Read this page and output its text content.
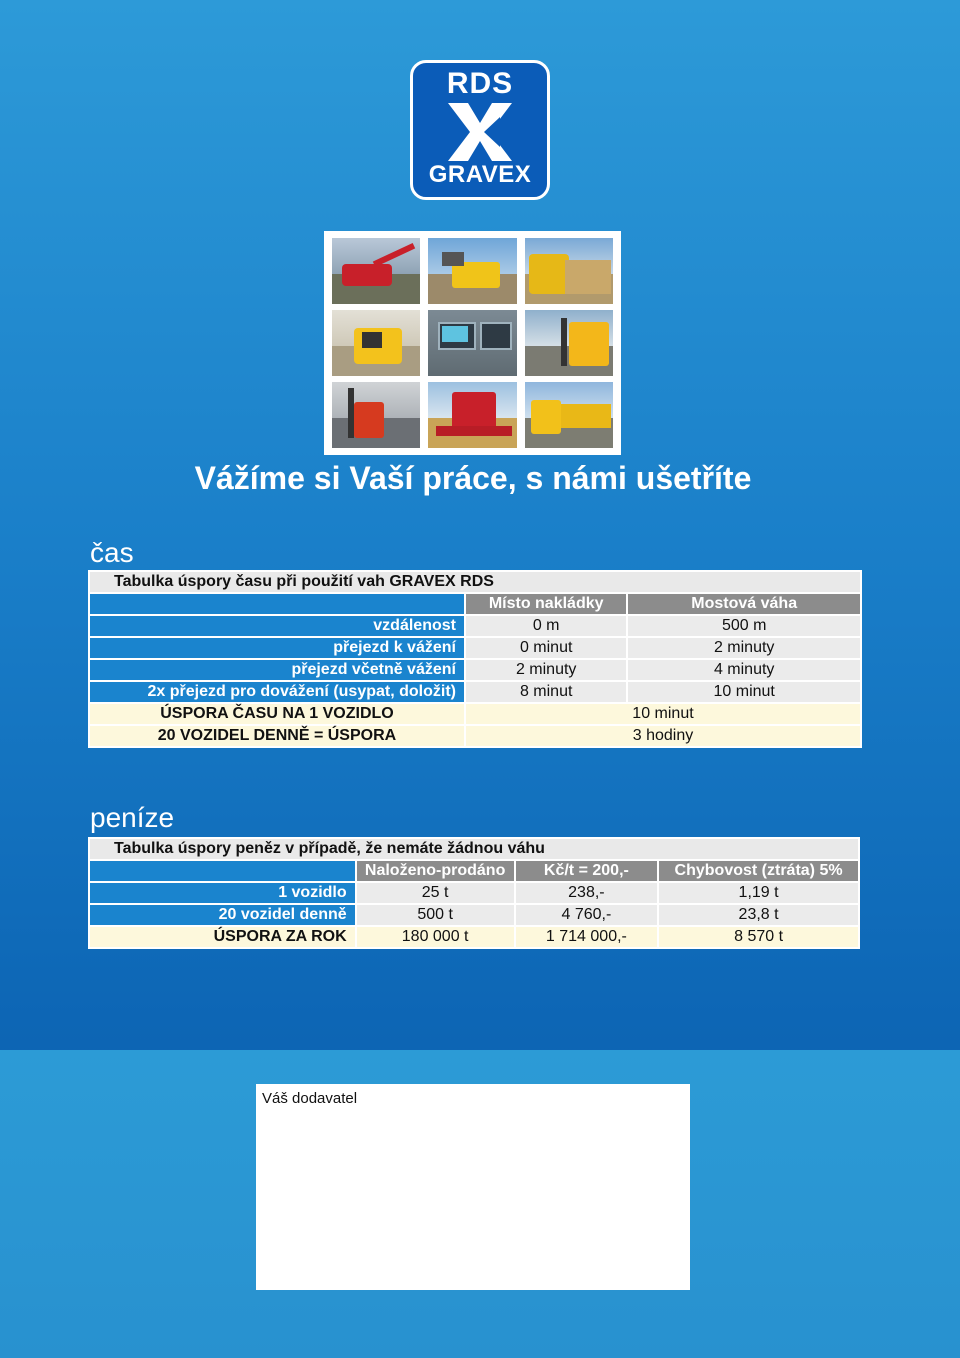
RDS
GRAVEX
Vážíme si Vaší práce, s námi ušetříte
čas
Tabulka úspory času při použití vah GRAVEX RDS		
	Místo nakládky	Mostová váha
vzdálenost	0 m	500 m
přejezd k vážení	0 minut	2 minuty
přejezd včetně vážení	2 minuty	4 minuty
2x přejezd pro dovážení (usypat, doložit)	8 minut	10 minut
ÚSPORA ČASU NA 1 VOZIDLO	10 minut	
20 VOZIDEL DENNĚ = ÚSPORA	3 hodiny	
peníze
Tabulka úspory peněz v případě, že nemáte žádnou váhu			
	Naloženo-prodáno	Kč/t = 200,-	Chybovost (ztráta) 5%
1 vozidlo	25 t	238,-	1,19 t
20 vozidel denně	500 t	4 760,-	23,8 t
ÚSPORA ZA ROK	180 000 t	1 714 000,-	8 570 t
Váš dodavatel
